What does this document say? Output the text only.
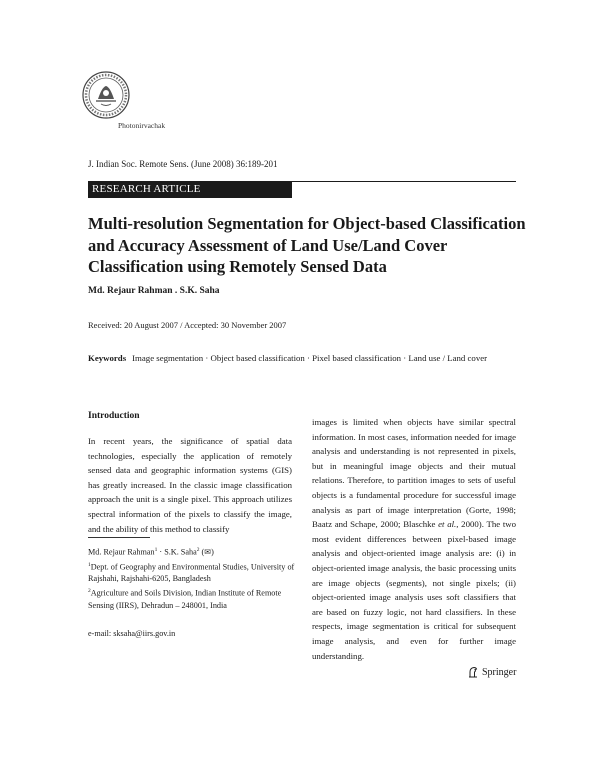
Photonirvachak
J. Indian Soc. Remote Sens. (June 2008) 36:189-201
RESEARCH ARTICLE
Multi-resolution Segmentation for Object-based Classification
and Accuracy Assessment of Land Use/Land Cover
Classification using Remotely Sensed Data
Md. Rejaur Rahman . S.K. Saha
Received: 20 August 2007 / Accepted: 30 November 2007
Keywords Image segmentation · Object based classification · Pixel based classification · Land use / Land cover
Introduction
In recent years, the significance of spatial data technologies, especially the application of remotely sensed data and geographic information systems (GIS) has greatly increased. In the classic image classification approach the unit is a single pixel. This approach utilizes spectral information of the pixels to classify the image, and the ability of this method to classify
images is limited when objects have similar spectral information. In most cases, information needed for image analysis and understanding is not represented in pixels, but in meaningful image objects and their mutual relations. Therefore, to partition images to sets of useful objects is a fundamental procedure for successful image analysis as part of image interpretation (Gorte, 1998; Baatz and Schape, 2000; Blaschke et al., 2000). The two most evident differences between pixel-based image analysis and object-oriented image analysis are: (i) in object-oriented image analysis, the basic processing units are image objects (segments), not single pixels; (ii) object-oriented image analysis uses soft classifiers that are based on fuzzy logic, not hard classifiers. In these respects, image segmentation is critical for subsequent image analysis, and even for further image understanding.
Md. Rejaur Rahman$^1$ · S.K. Saha$^2$ (✉)
$^1$Dept. of Geography and Environmental Studies, University of Rajshahi, Rajshahi-6205, Bangladesh
$^2$Agriculture and Soils Division, Indian Institute of Remote Sensing (IIRS), Dehradun – 248001, India
e-mail: sksaha@iirs.gov.in
Springer
